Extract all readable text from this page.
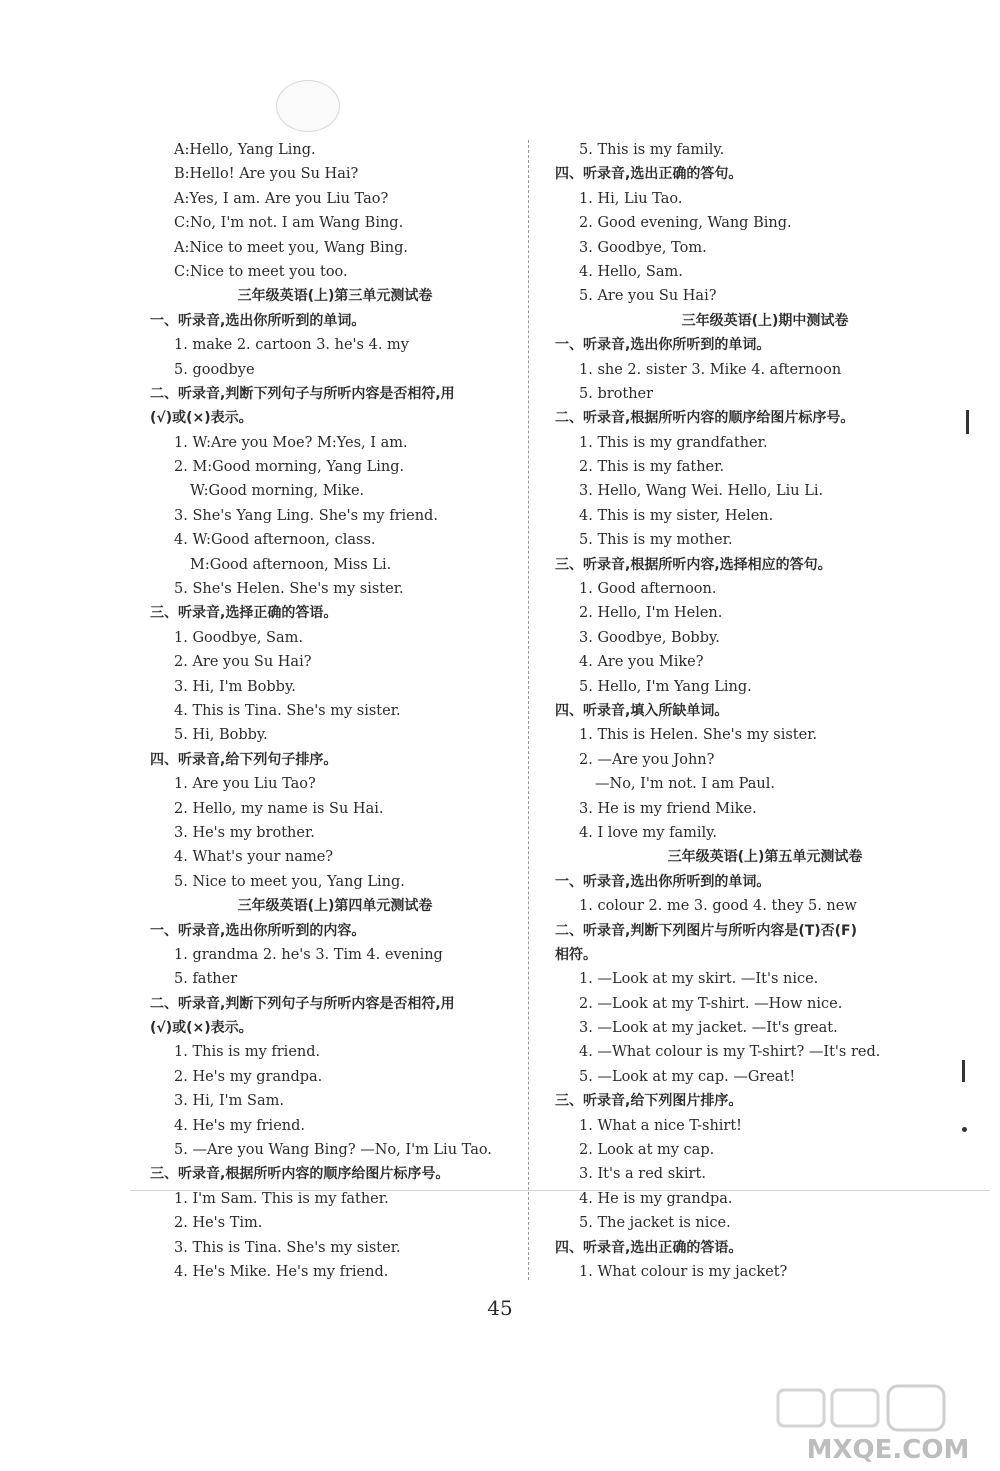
A:Hello, Yang Ling.
B:Hello! Are you Su Hai?
A:Yes, I am. Are you Liu Tao?
C:No, I'm not. I am Wang Bing.
A:Nice to meet you, Wang Bing.
C:Nice to meet you too.
三年级英语(上)第三单元测试卷
一、听录音,选出你所听到的单词。
1. make 2. cartoon 3. he's 4. my
5. goodbye
二、听录音,判断下列句子与所听内容是否相符,用
(√)或(×)表示。
1. W:Are you Moe? M:Yes, I am.
2. M:Good morning, Yang Ling.
W:Good morning, Mike.
3. She's Yang Ling. She's my friend.
4. W:Good afternoon, class.
M:Good afternoon, Miss Li.
5. She's Helen. She's my sister.
三、听录音,选择正确的答语。
1. Goodbye, Sam.
2. Are you Su Hai?
3. Hi, I'm Bobby.
4. This is Tina. She's my sister.
5. Hi, Bobby.
四、听录音,给下列句子排序。
1. Are you Liu Tao?
2. Hello, my name is Su Hai.
3. He's my brother.
4. What's your name?
5. Nice to meet you, Yang Ling.
三年级英语(上)第四单元测试卷
一、听录音,选出你所听到的内容。
1. grandma 2. he's 3. Tim 4. evening
5. father
二、听录音,判断下列句子与所听内容是否相符,用
(√)或(×)表示。
1. This is my friend.
2. He's my grandpa.
3. Hi, I'm Sam.
4. He's my friend.
5. —Are you Wang Bing? —No, I'm Liu Tao.
三、听录音,根据所听内容的顺序给图片标序号。
1. I'm Sam. This is my father.
2. He's Tim.
3. This is Tina. She's my sister.
4. He's Mike. He's my friend.
5. This is my family.
四、听录音,选出正确的答句。
1. Hi, Liu Tao.
2. Good evening, Wang Bing.
3. Goodbye, Tom.
4. Hello, Sam.
5. Are you Su Hai?
三年级英语(上)期中测试卷
一、听录音,选出你所听到的单词。
1. she 2. sister 3. Mike 4. afternoon
5. brother
二、听录音,根据所听内容的顺序给图片标序号。
1. This is my grandfather.
2. This is my father.
3. Hello, Wang Wei. Hello, Liu Li.
4. This is my sister, Helen.
5. This is my mother.
三、听录音,根据所听内容,选择相应的答句。
1. Good afternoon.
2. Hello, I'm Helen.
3. Goodbye, Bobby.
4. Are you Mike?
5. Hello, I'm Yang Ling.
四、听录音,填入所缺单词。
1. This is Helen. She's my sister.
2. —Are you John?
—No, I'm not. I am Paul.
3. He is my friend Mike.
4. I love my family.
三年级英语(上)第五单元测试卷
一、听录音,选出你所听到的单词。
1. colour 2. me 3. good 4. they 5. new
二、听录音,判断下列图片与所听内容是(T)否(F)
相符。
1. —Look at my skirt. —It's nice.
2. —Look at my T-shirt. —How nice.
3. —Look at my jacket. —It's great.
4. —What colour is my T-shirt? —It's red.
5. —Look at my cap. —Great!
三、听录音,给下列图片排序。
1. What a nice T-shirt!
2. Look at my cap.
3. It's a red skirt.
4. He is my grandpa.
5. The jacket is nice.
四、听录音,选出正确的答语。
1. What colour is my jacket?
45
MXQE.COM
